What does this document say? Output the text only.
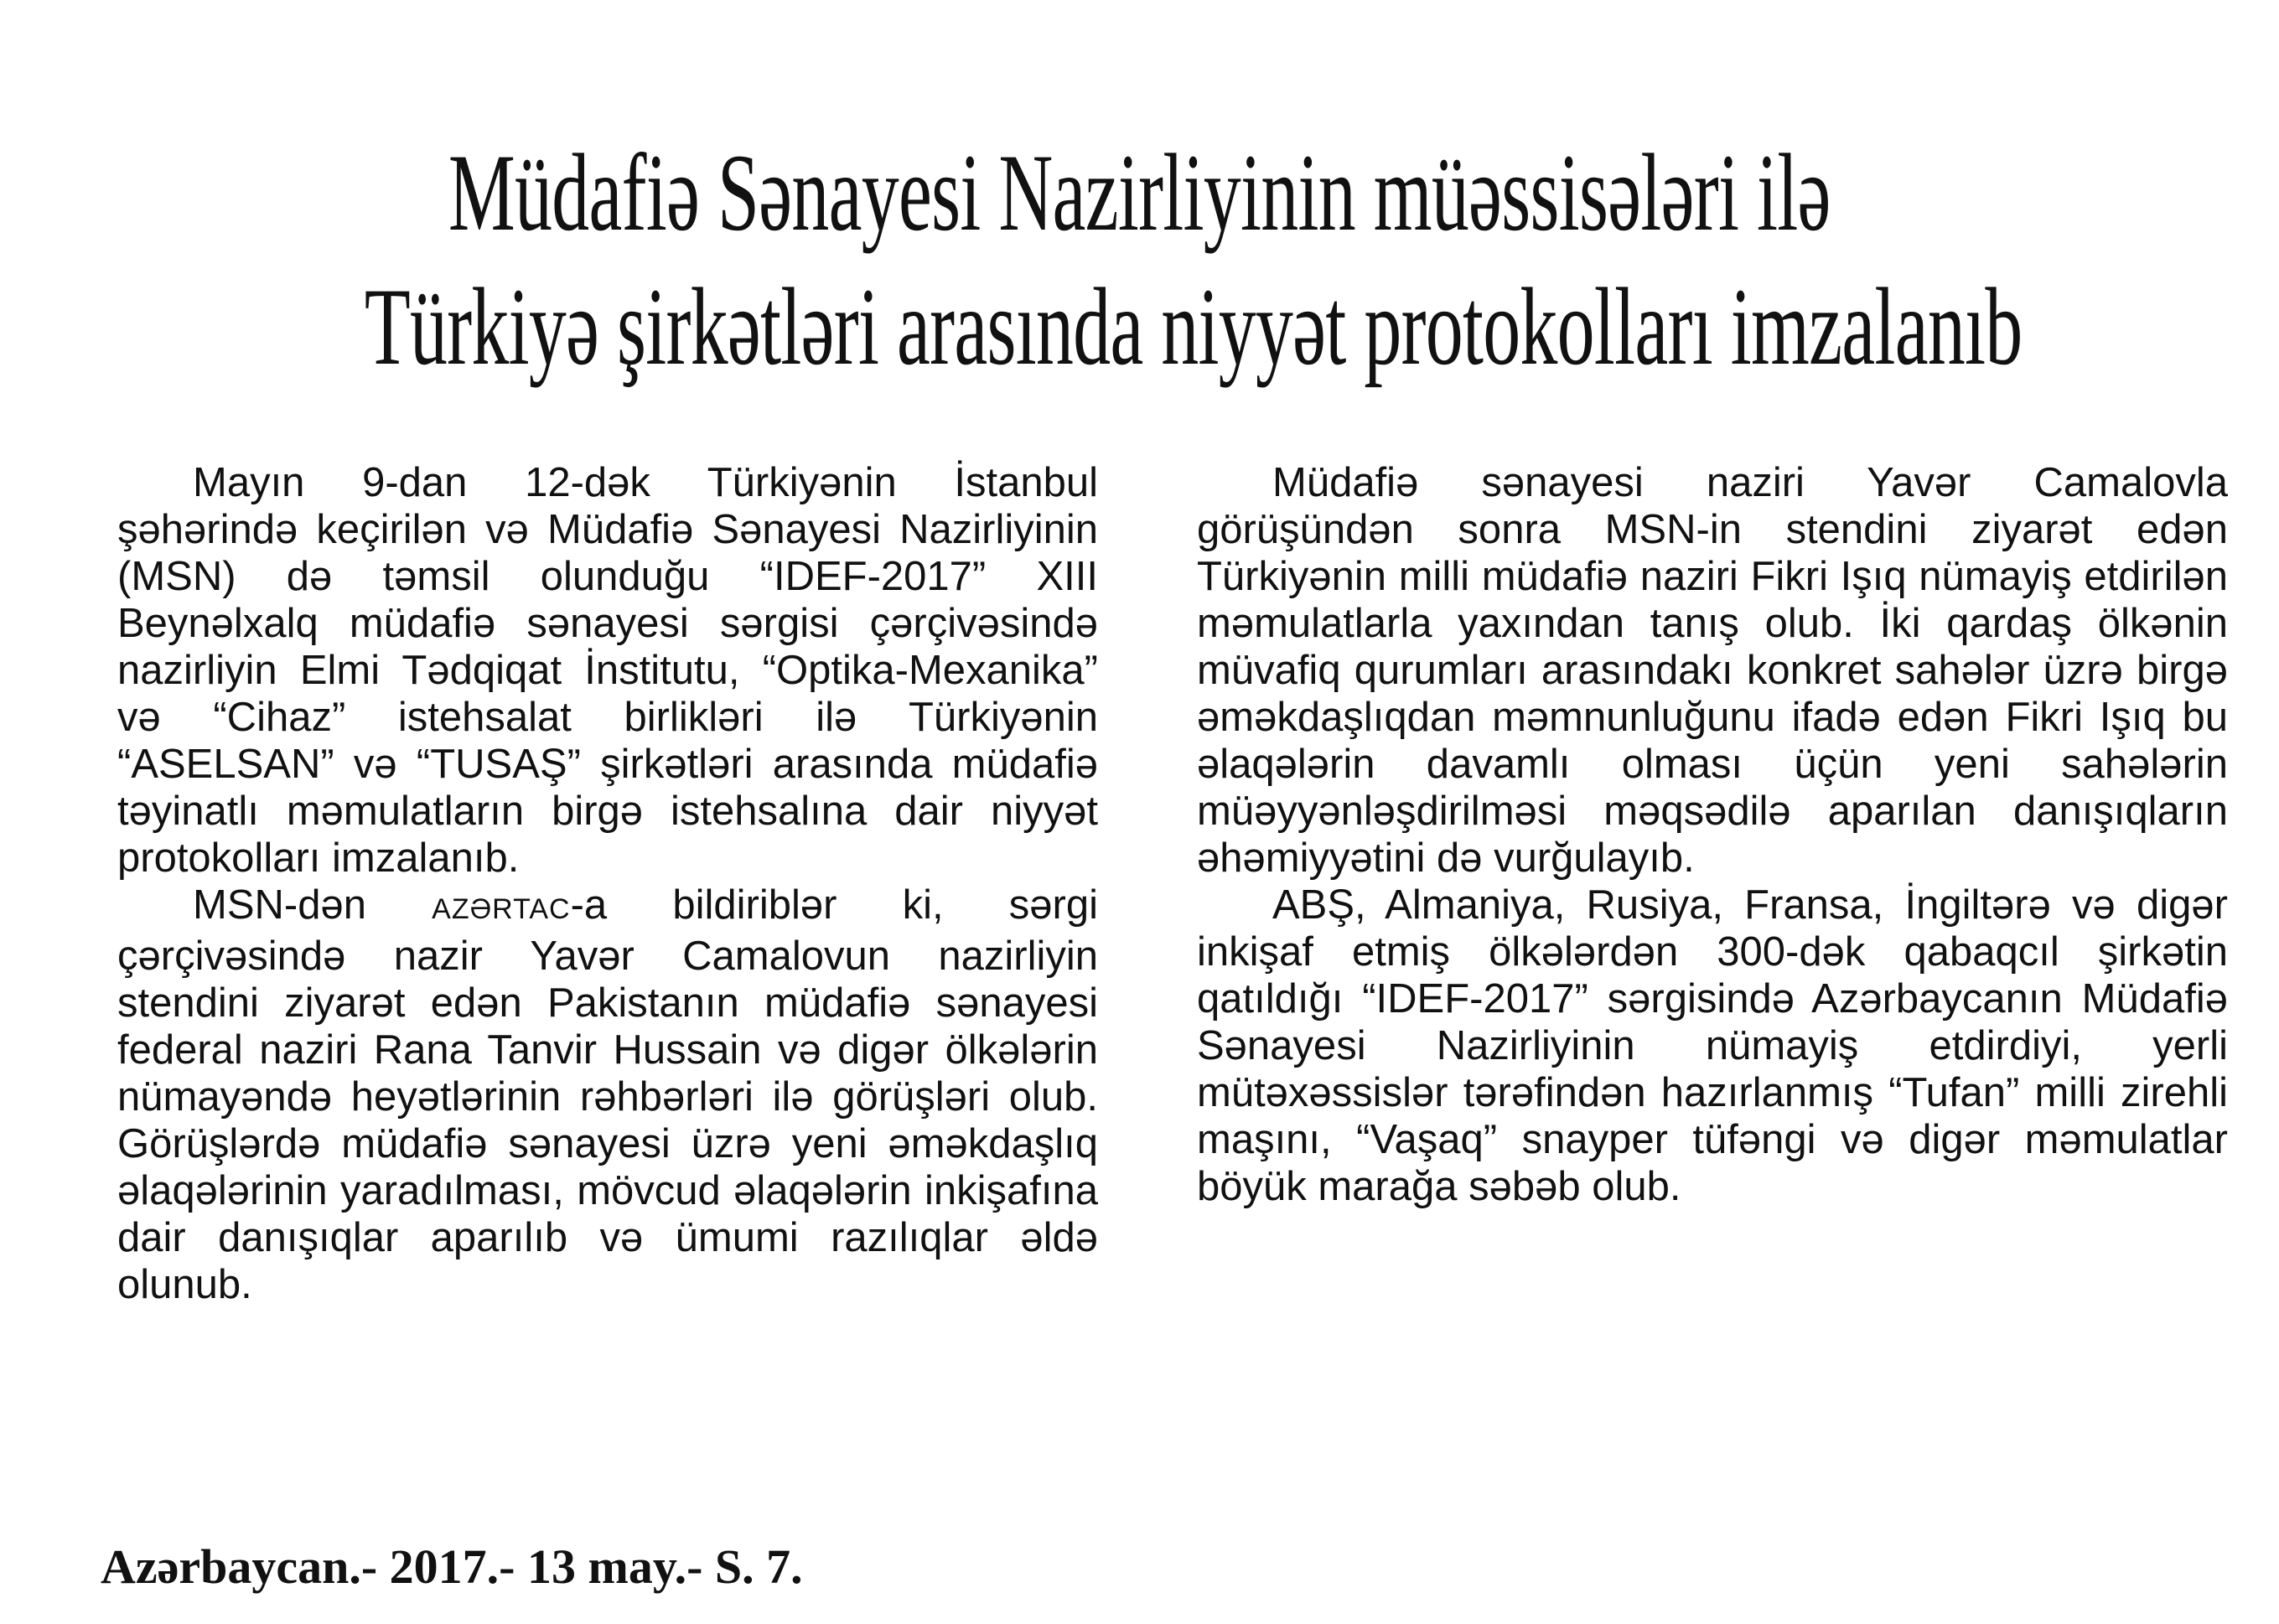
Müdafiə Sənayesi Nazirliyinin müəssisələri ilə
Türkiyə şirkətləri arasında niyyət protokolları imzalanıb

Mayın 9-dan 12-dək Türkiyənin İstanbul şəhərində keçirilən və Müdafiə Sənayesi Nazirliyinin (MSN) də təmsil olunduğu “IDEF-2017” XIII Beynəlxalq müdafiə sənayesi sərgisi çərçivəsində nazirliyin Elmi Tədqiqat İnstitutu, “Optika-Mexanika” və “Cihaz” istehsalat birlikləri ilə Türkiyənin “ASELSAN” və “TUSAŞ” şirkətləri arasında müdafiə təyinatlı məmulatların birgə istehsalına dair niyyət protokolları imzalanıb.

MSN-dən AZƏRTAC-a bildiriblər ki, sərgi çərçivəsində nazir Yavər Camalovun nazirliyin stendini ziyarət edən Pakistanın müdafiə sənayesi federal naziri Rana Tanvir Hussain və digər ölkələrin nümayəndə heyətlərinin rəhbərləri ilə görüşləri olub. Görüşlərdə müdafiə sənayesi üzrə yeni əməkdaşlıq əlaqələrinin yaradılması, mövcud əlaqələrin inkişafına dair danışıqlar aparılıb və ümumi razılıqlar əldə olunub.

Müdafiə sənayesi naziri Yavər Camalovla görüşündən sonra MSN-in stendini ziyarət edən Türkiyənin milli müdafiə naziri Fikri Işıq nümayiş etdirilən məmulatlarla yaxından tanış olub. İki qardaş ölkənin müvafiq qurumları arasındakı konkret sahələr üzrə birgə əməkdaşlıqdan məmnunluğunu ifadə edən Fikri Işıq bu əlaqələrin davamlı olması üçün yeni sahələrin müəyyənləşdirilməsi məqsədilə aparılan danışıqların əhəmiyyətini də vurğulayıb.

ABŞ, Almaniya, Rusiya, Fransa, İngiltərə və digər inkişaf etmiş ölkələrdən 300-dək qabaqcıl şirkətin qatıldığı “IDEF-2017” sərgisində Azərbaycanın Müdafiə Sənayesi Nazirliyinin nümayiş etdirdiyi, yerli mütəxəssislər tərəfindən hazırlanmış “Tufan” milli zirehli maşını, “Vaşaq” snayper tüfəngi və digər məmulatlar böyük marağa səbəb olub.

Azərbaycan.- 2017.- 13 may.- S. 7.
